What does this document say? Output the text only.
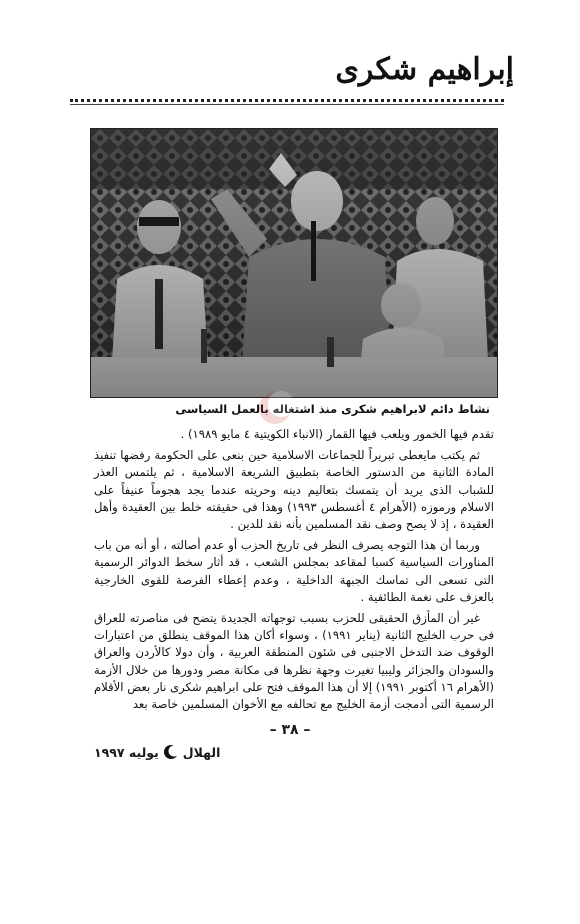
إبراهيم شكرى
نشاط دائم لابراهيم شكرى منذ اشتغاله بالعمل السياسى

تقدم فيها الخمور ويلعب فيها القمار (الانباء الكويتية ٤ مايو ١٩٨٩) .

ثم يكتب مايعطى تبريراً للجماعات الاسلامية حين بنعى على الحكومة رفضها تنفيذ المادة الثانية من الدستور الخاصة بتطبيق الشريعة الاسلامية ، ثم يلتمس العذر للشباب الذى يريد أن يتمسك بتعاليم دينه وحريته عندما يجد هجوماً عنيفاً على الاسلام ورموزه (الأهرام ٤ أغسطس ١٩٩٣) وهذا فى حقيقته خلط بين العقيدة وأهل العقيدة ، إذ لا يصح وصف نقد المسلمين بأنه نقد للدين .

وربما أن هذا التوجه يصرف النظر فى تاريخ الحزب أو عدم أصالته ، أو أنه من باب المناورات السياسية كسبا لمقاعد بمجلس الشعب ، قد أثار سخط الدوائر الرسمية التى تسعى الى تماسك الجبهة الداخلية ، وعدم إعطاء الفرصة للقوى الخارجية بالعزف على نغمة الطائفية .

غير أن المأزق الحقيقى للحزب بسبب توجهاته الجديدة يتضح فى مناصرته للعراق فى حرب الخليج الثانية (يناير ١٩٩١) ، وسواء أكان هذا الموقف ينطلق من اعتبارات الوقوف ضد التدخل الاجنبى فى شئون المنطقة العربية ، وأن دولا كالأردن والعراق والسودان والجزائر وليبيا تغيرت وجهة نظرها فى مكانة مصر ودورها من خلال الأزمة (الأهرام ١٦ أكتوبر ١٩٩١) إلا أن هذا الموقف فتح على ابراهيم شكرى نار بعض الأقلام الرسمية التى أدمجت أزمة الخليج مع تحالفه مع الأخوان المسلمين خاصة بعد

– ٣٨ –
الهلال
يوليه ١٩٩٧
